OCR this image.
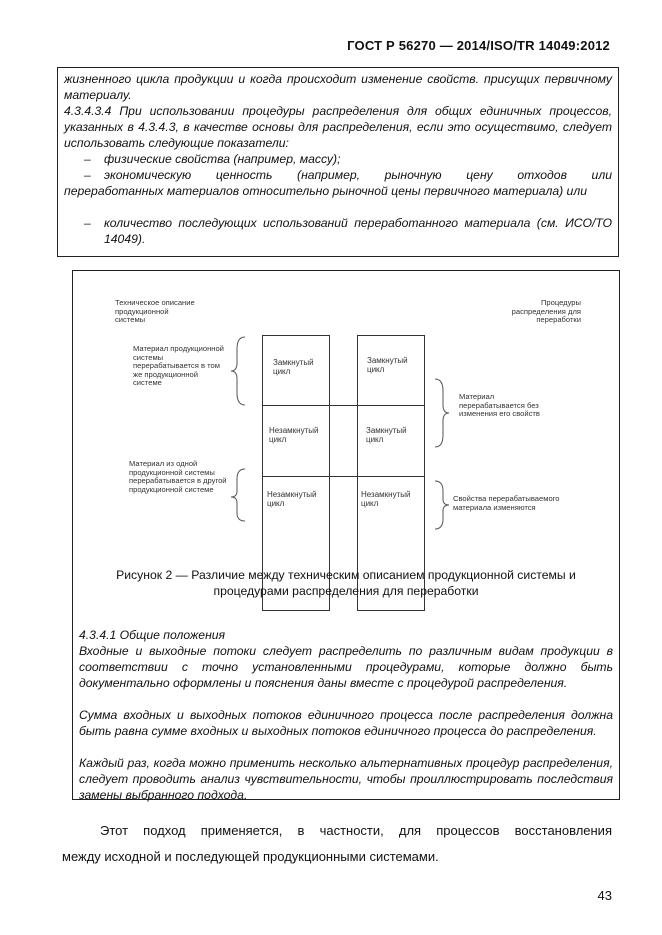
ГОСТ Р 56270 — 2014/ISO/TR 14049:2012

жизненного цикла продукции и когда происходит изменение свойств. присущих первичному материалу.

4.3.4.3.4 При использовании процедуры распределения для общих единичных процессов, указанных в 4.3.4.3, в качестве основы для распределения, если это осуществимо, следует использовать следующие показатели:

– физические свойства (например, массу);

– экономическую ценность (например, рыночную цену отходов или

переработанных материалов относительно рыночной цены первичного материала) или

– количество последующих использований переработанного материала (см. ИСО/ТО 14049).

Техническое описание продукционной системы

Процедуры распределения для переработки

Материал продукционной системы перерабатывается в том же продукционной системе

Материал из одной продукционной системы перерабатывается в другой продукционной системе

Материал перерабатывается без изменения его свойств

Свойства перерабатываемого материала изменяются

Замкнутый цикл

Незамкнутый цикл

Незамкнутый цикл

Замкнутый цикл

Замкнутый цикл

Незамкнутый цикл

Рисунок 2 — Различие между техническим описанием продукционной системы и
процедурами распределения для переработки

4.3.4.1 Общие положения

Входные и выходные потоки следует распределить по различным видам продукции в соответствии с точно установленными процедурами, которые должно быть документально оформлены и пояснения даны вместе с процедурой распределения.

Сумма входных и выходных потоков единичного процесса после распределения должна быть равна сумме входных и выходных потоков единичного процесса до распределения.

Каждый раз, когда можно применить несколько альтернативных процедур распределения, следует проводить анализ чувствительности, чтобы проиллюстрировать последствия замены выбранного подхода.

Этот подход применяется, в частности, для процессов восстановления
между исходной и последующей продукционными системами.
43
